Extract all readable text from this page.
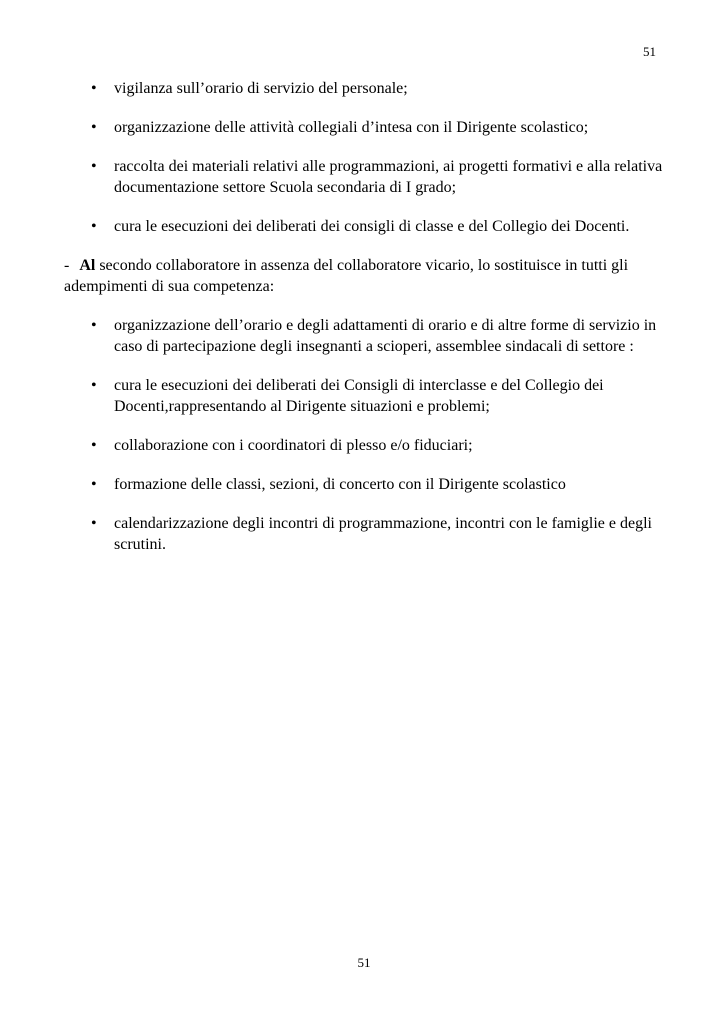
51
• vigilanza sull’orario di servizio del personale;
• organizzazione delle attività collegiali d’intesa con il Dirigente scolastico;
• raccolta dei materiali relativi alle programmazioni, ai progetti formativi e alla relativa documentazione settore Scuola secondaria di I grado;
• cura le esecuzioni dei deliberati dei consigli di classe e del Collegio dei Docenti.

- Al secondo collaboratore in assenza del collaboratore vicario, lo sostituisce in tutti gli adempimenti di sua competenza:

• organizzazione dell’orario e degli adattamenti di orario e di altre forme di servizio in caso di partecipazione degli insegnanti a scioperi, assemblee sindacali di settore :
• cura le esecuzioni dei deliberati dei Consigli di interclasse e del Collegio dei Docenti,rappresentando al Dirigente situazioni e problemi;
• collaborazione con i coordinatori di plesso e/o fiduciari;
• formazione delle classi, sezioni, di concerto con il Dirigente scolastico
• calendarizzazione degli incontri di programmazione, incontri con le famiglie e degli scrutini.
51
